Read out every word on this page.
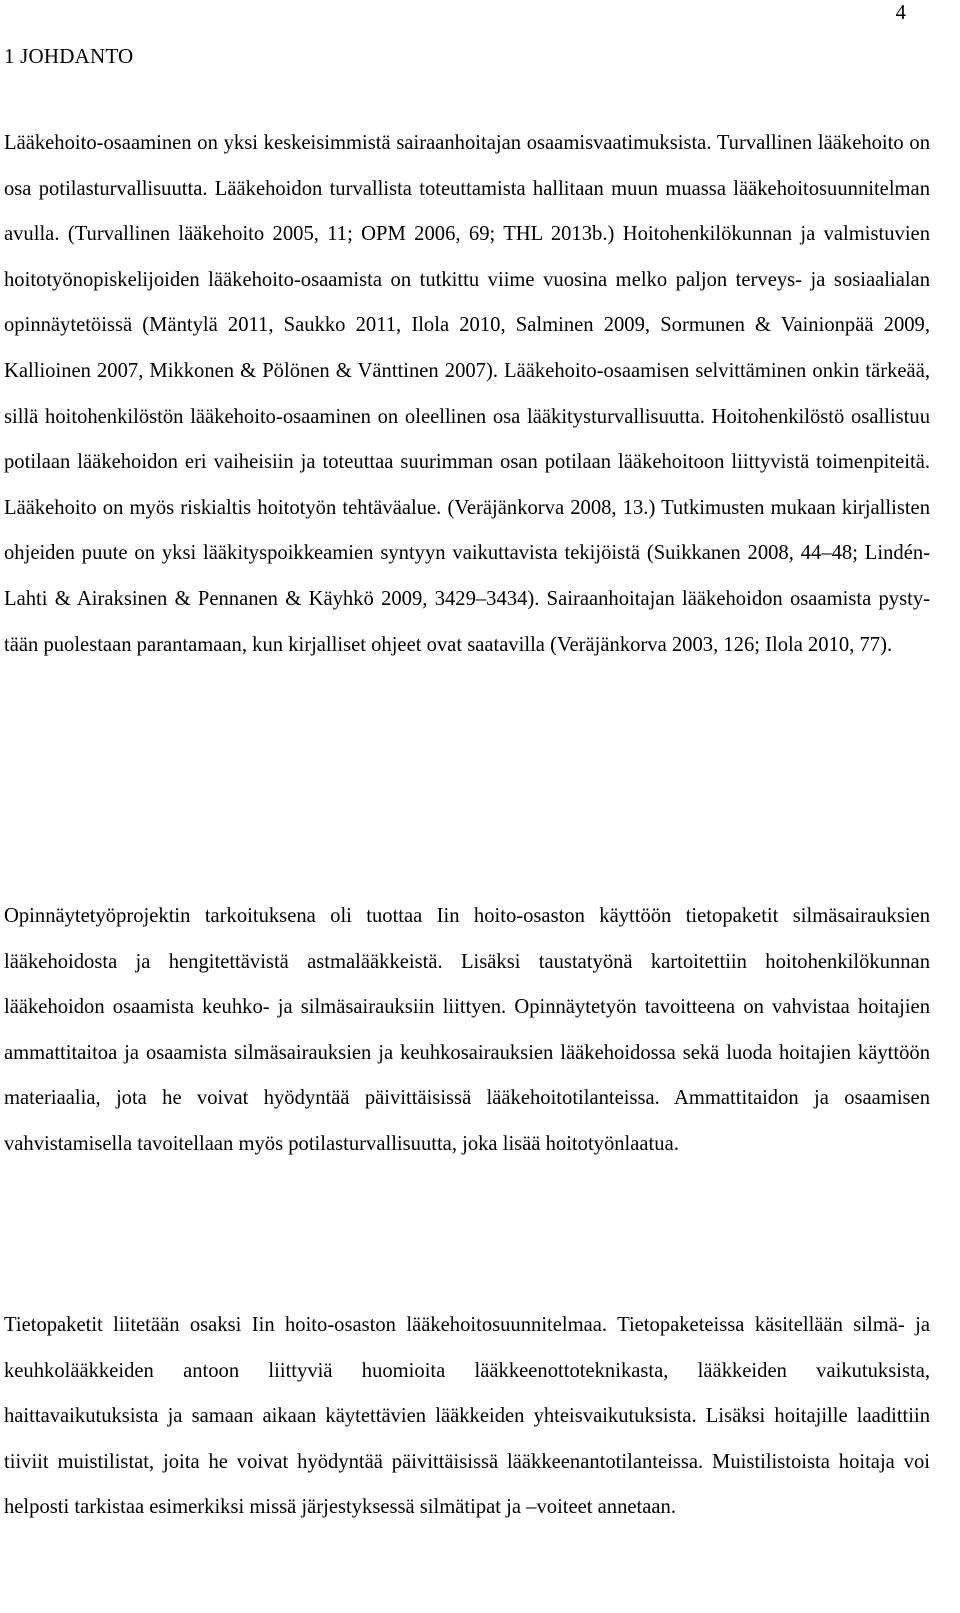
4

1 JOHDANTO

Lääkehoito-osaaminen on yksi keskeisimmistä sairaanhoitajan osaamisvaatimuksista. Turvallinen lääkehoito on osa potilasturvallisuutta. Lääkehoidon turvallista toteuttamista hallitaan muun muassa lääkehoitosuunnitelman avulla. (Turvallinen lääkehoito 2005, 11; OPM 2006, 69; THL 2013b.) Hoitohenkilökunnan ja valmistuvien hoitotyönopiskelijoiden lääkehoito-osaamista on tutkittu viime vuosina melko paljon terveys- ja sosiaalialan opinnäytetöissä (Mäntylä 2011, Saukko 2011, Ilola 2010, Salminen 2009, Sormunen & Vainionpää 2009, Kallioinen 2007, Mikkonen & Pölönen & Vänttinen 2007). Lääkehoito-osaamisen selvittäminen onkin tärkeää, sillä hoitohenkilöstön lääkehoito-osaaminen on oleellinen osa lääkitysturvallisuutta. Hoitohenkilöstö osallistuu potilaan lääkehoidon eri vaiheisiin ja toteuttaa suurimman osan potilaan lääkehoitoon liittyvistä toimenpiteitä. Lääkehoito on myös riskialtis hoitotyön tehtäväalue. (Veräjänkorva 2008, 13.) Tutkimusten mukaan kirjallisten ohjeiden puute on yksi lääkityspoikkeamien syntyyn vaikuttavista tekijöistä (Suikkanen 2008, 44–48; Lindén-Lahti & Airaksinen & Pennanen & Käyhkö 2009, 3429–3434). Sairaanhoitajan lääkehoidon osaamista pystytään puolestaan parantamaan, kun kirjalliset ohjeet ovat saatavilla (Veräjänkorva 2003, 126; Ilola 2010, 77).

Opinnäytetyöprojektin tarkoituksena oli tuottaa Iin hoito-osaston käyttöön tietopaketit silmäsairauksien lääkehoidosta ja hengitettävistä astmalääkkeistä. Lisäksi taustatyönä kartoitettiin hoitohenkilökunnan lääkehoidon osaamista keuhko- ja silmäsairauksiin liittyen. Opinnäytetyön tavoitteena on vahvistaa hoitajien ammattitaitoa ja osaamista silmäsairauksien ja keuhkosairauksien lääkehoidossa sekä luoda hoitajien käyttöön materiaalia, jota he voivat hyödyntää päivittäisissä lääkehoitotilanteissa. Ammattitaidon ja osaamisen vahvistamisella tavoitellaan myös potilasturvallisuutta, joka lisää hoitotyönlaatua.

Tietopaketit liitetään osaksi Iin hoito-osaston lääkehoitosuunnitelmaa. Tietopaketeissa käsitellään silmä- ja keuhkolääkkeiden antoon liittyviä huomioita lääkkeenottoteknikasta, lääkkeiden vaikutuksista, haittavaikutuksista ja samaan aikaan käytettävien lääkkeiden yhteisvaikutuksista. Lisäksi hoitajille laadittiin tiiviit muistilistat, joita he voivat hyödyntää päivittäisissä lääkkeenantotilanteissa. Muistilistoista hoitaja voi helposti tarkistaa esimerkiksi missä järjestyksessä silmätipat ja –voiteet annetaan.
